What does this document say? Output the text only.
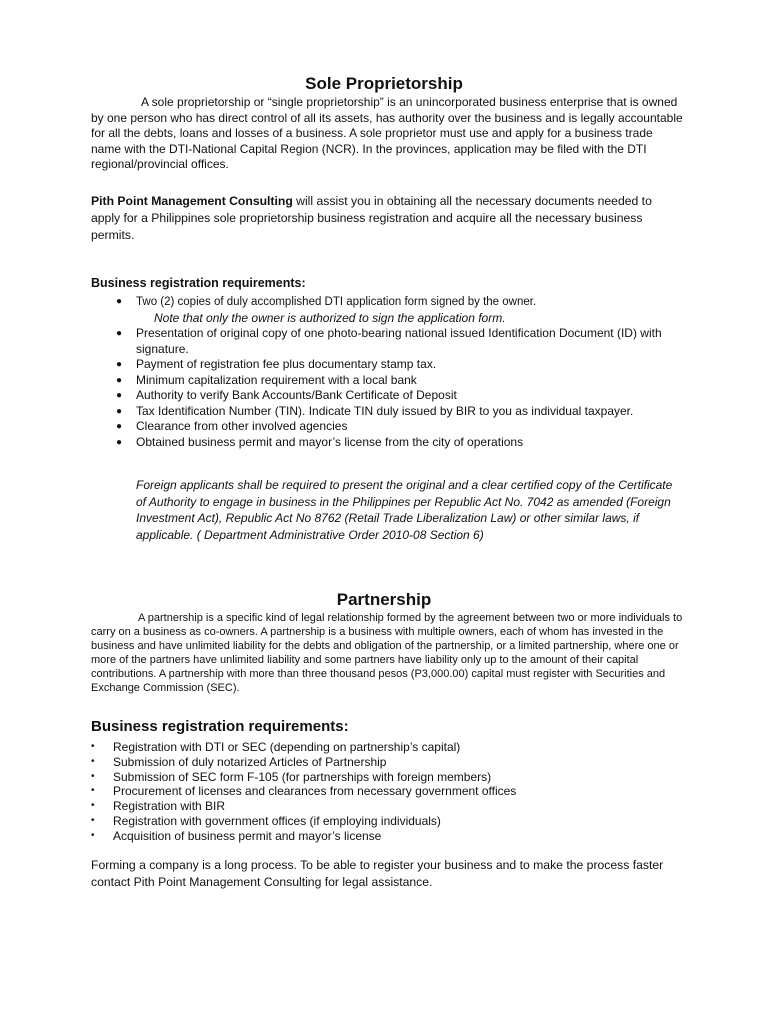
Sole Proprietorship

A sole proprietorship or “single proprietorship” is an unincorporated business enterprise that is owned by one person who has direct control of all its assets, has authority over the business and is legally accountable for all the debts, loans and losses of a business. A sole proprietor must use and apply for a business trade name with the DTI-National Capital Region (NCR). In the provinces, application may be filed with the DTI regional/provincial offices.

Pith Point Management Consulting will assist you in obtaining all the necessary documents needed to apply for a Philippines sole proprietorship business registration and acquire all the necessary business permits.

Business registration requirements:
● Two (2) copies of duly accomplished DTI application form signed by the owner.
Note that only the owner is authorized to sign the application form.
● Presentation of original copy of one photo-bearing national issued Identification Document (ID) with signature.
● Payment of registration fee plus documentary stamp tax.
● Minimum capitalization requirement with a local bank
● Authority to verify Bank Accounts/Bank Certificate of Deposit
● Tax Identification Number (TIN). Indicate TIN duly issued by BIR to you as individual taxpayer.
● Clearance from other involved agencies
● Obtained business permit and mayor’s license from the city of operations

Foreign applicants shall be required to present the original and a clear certified copy of the Certificate of Authority to engage in business in the Philippines per Republic Act No. 7042 as amended (Foreign Investment Act), Republic Act No 8762 (Retail Trade Liberalization Law) or other similar laws, if applicable. ( Department Administrative Order 2010-08 Section 6)

Partnership

A partnership is a specific kind of legal relationship formed by the agreement between two or more individuals to carry on a business as co-owners. A partnership is a business with multiple owners, each of whom has invested in the business and have unlimited liability for the debts and obligation of the partnership, or a limited partnership, where one or more of the partners have unlimited liability and some partners have liability only up to the amount of their capital contributions. A partnership with more than three thousand pesos (P3,000.00) capital must register with Securities and Exchange Commission (SEC).

Business registration requirements:
• Registration with DTI or SEC (depending on partnership’s capital)
• Submission of duly notarized Articles of Partnership
• Submission of SEC form F-105 (for partnerships with foreign members)
• Procurement of licenses and clearances from necessary government offices
• Registration with BIR
• Registration with government offices (if employing individuals)
• Acquisition of business permit and mayor’s license

Forming a company is a long process. To be able to register your business and to make the process faster contact Pith Point Management Consulting for legal assistance.
